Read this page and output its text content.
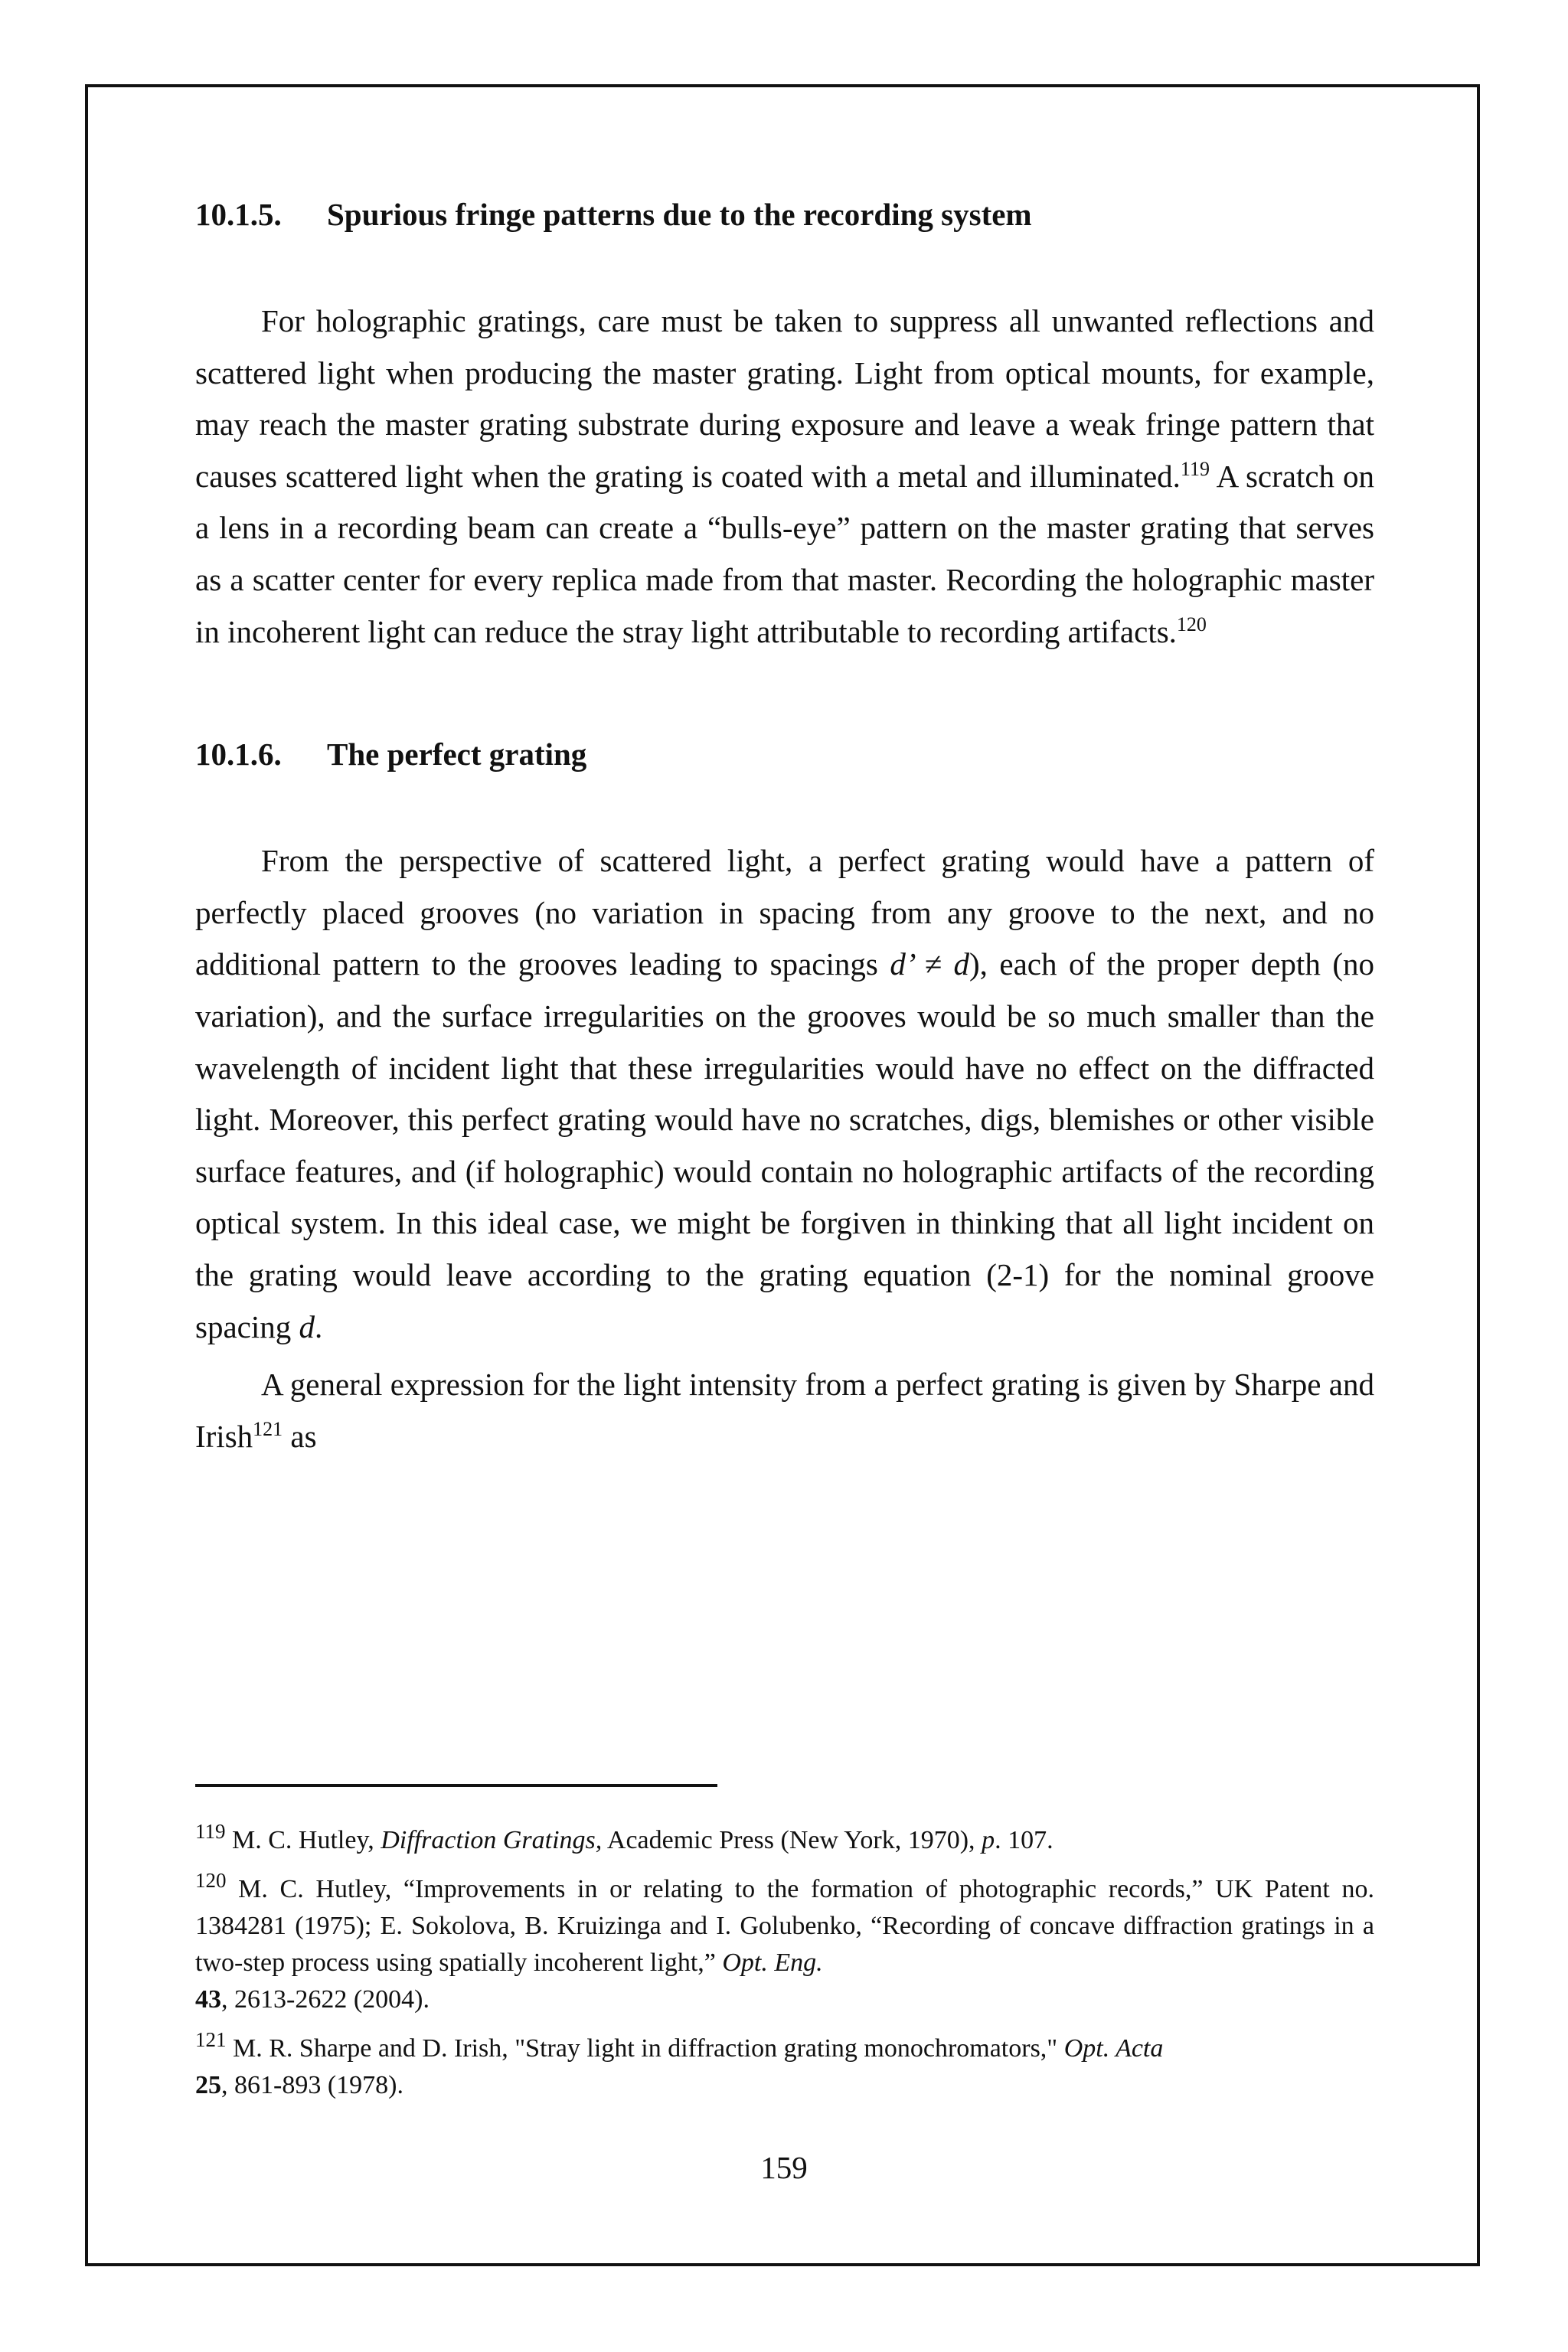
10.1.5. Spurious fringe patterns due to the recording system

For holographic gratings, care must be taken to suppress all unwanted reflections and scattered light when producing the master grating. Light from optical mounts, for example, may reach the master grating substrate during exposure and leave a weak fringe pattern that causes scattered light when the grating is coated with a metal and illuminated.$^{119}$ A scratch on a lens in a recording beam can create a “bulls-eye” pattern on the master grating that serves as a scatter center for every replica made from that master. Recording the holographic master in incoherent light can reduce the stray light attributable to recording artifacts.$^{120}$

10.1.6. The perfect grating

From the perspective of scattered light, a perfect grating would have a pattern of perfectly placed grooves (no variation in spacing from any groove to the next, and no additional pattern to the grooves leading to spacings d’ ≠ d), each of the proper depth (no variation), and the surface irregularities on the grooves would be so much smaller than the wavelength of incident light that these irregularities would have no effect on the diffracted light. Moreover, this perfect grating would have no scratches, digs, blemishes or other visible surface features, and (if holographic) would contain no holographic artifacts of the recording optical system. In this ideal case, we might be forgiven in thinking that all light incident on the grating would leave according to the grating equation (2-1) for the nominal groove spacing d.

A general expression for the light intensity from a perfect grating is given by Sharpe and Irish$^{121}$ as

$^{119}$ M. C. Hutley, Diffraction Gratings, Academic Press (New York, 1970), p. 107.

$^{120}$ M. C. Hutley, “Improvements in or relating to the formation of photographic records,” UK Patent no. 1384281 (1975); E. Sokolova, B. Kruizinga and I. Golubenko, “Recording of concave diffraction gratings in a two-step process using spatially incoherent light,” Opt. Eng.
43, 2613-2622 (2004).

$^{121}$ M. R. Sharpe and D. Irish, "Stray light in diffraction grating monochromators," Opt. Acta
25, 861-893 (1978).

159
